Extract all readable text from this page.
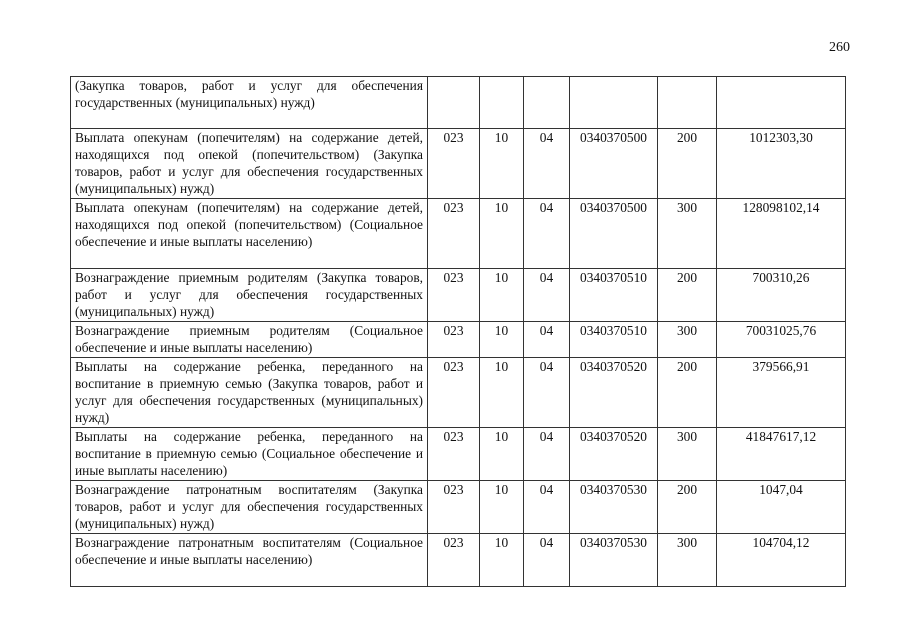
260
(Закупка товаров, работ и услуг для обеспечения государственных (муниципальных) нужд)						
Выплата опекунам (попечителям) на содержание детей, находящихся под опекой (попечительством) (Закупка товаров, работ и услуг для обеспечения государственных (муниципальных) нужд)	023	10	04	0340370500	200	1012303,30
Выплата опекунам (попечителям) на содержание детей, находящихся под опекой (попечительством) (Социальное обеспечение и иные выплаты населению)	023	10	04	0340370500	300	128098102,14
Вознаграждение приемным родителям (Закупка товаров, работ и услуг для обеспечения государственных (муниципальных) нужд)	023	10	04	0340370510	200	700310,26
Вознаграждение приемным родителям (Социальное обеспечение и иные выплаты населению)	023	10	04	0340370510	300	70031025,76
Выплаты на содержание ребенка, переданного на воспитание в приемную семью (Закупка товаров, работ и услуг для обеспечения государственных (муниципальных) нужд)	023	10	04	0340370520	200	379566,91
Выплаты на содержание ребенка, переданного на воспитание в приемную семью (Социальное обеспечение и иные выплаты населению)	023	10	04	0340370520	300	41847617,12
Вознаграждение патронатным воспитателям (Закупка товаров, работ и услуг для обеспечения государственных (муниципальных) нужд)	023	10	04	0340370530	200	1047,04
Вознаграждение патронатным воспитателям (Социальное обеспечение и иные выплаты населению)	023	10	04	0340370530	300	104704,12
